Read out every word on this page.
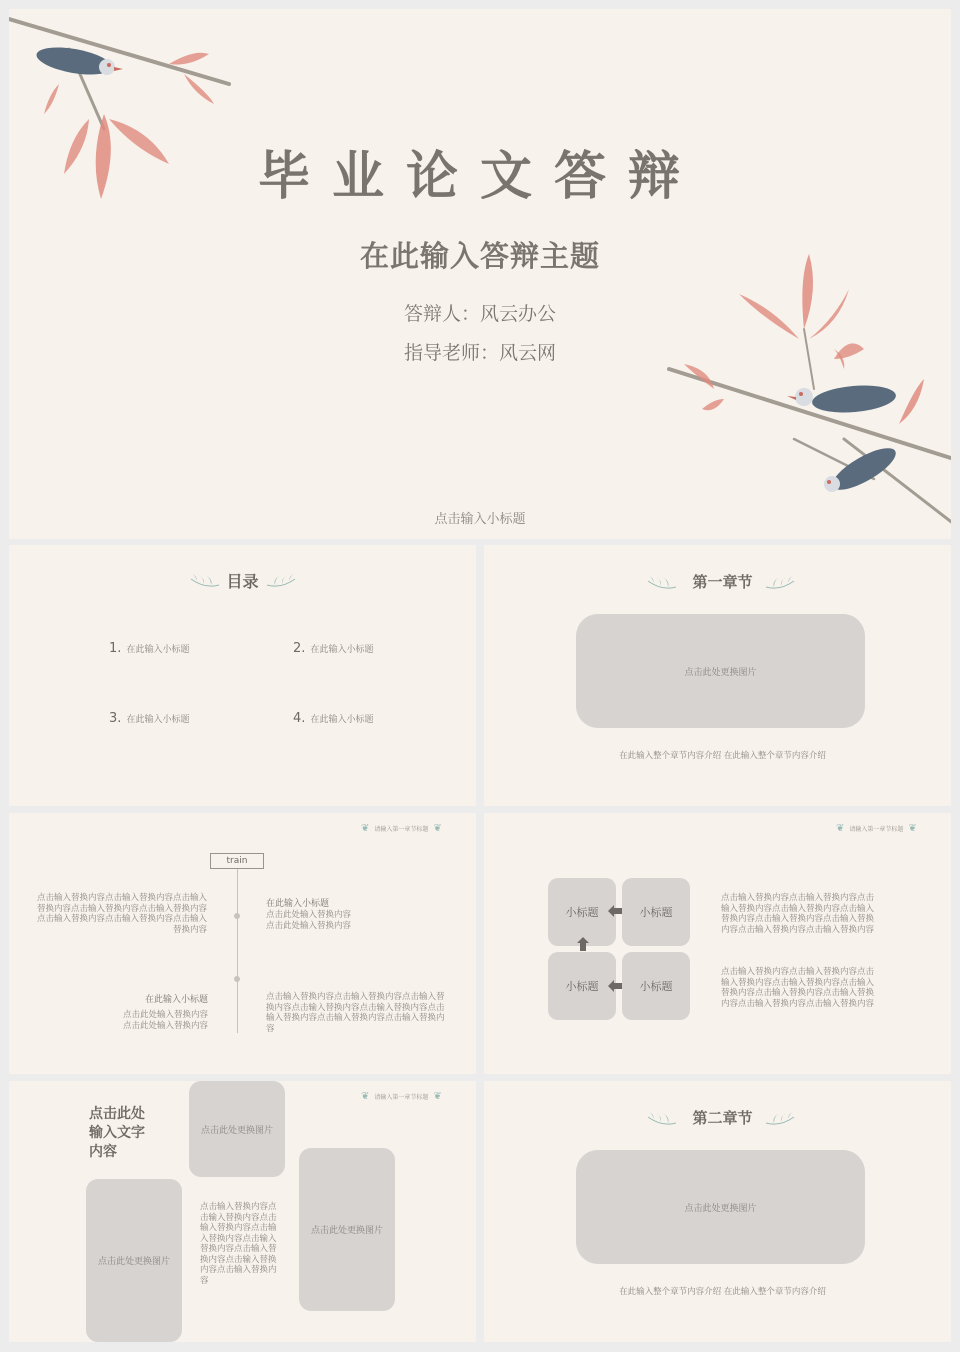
毕业论文答辩
在此输入答辩主题
答辩人：风云办公
指导老师：风云网
点击输入小标题
目录
1. 在此输入小标题	2. 在此输入小标题
3. 在此输入小标题	4. 在此输入小标题
第一章节
点击此处更换图片
在此输入整个章节内容介绍 在此输入整个章节内容介绍
❦ 请输入第一章节标题 ❦
train
点击输入替换内容点击输入替换内容点击输入替换内容点击输入替换内容点击输入替换内容点击输入替换内容点击输入替换内容点击输入替换内容
在此输入小标题
点击此处输入替换内容 点击此处输入替换内容
在此输入小标题
点击此处输入替换内容 点击此处输入替换内容
点击输入替换内容点击输入替换内容点击输入替换内容点击输入替换内容点击输入替换内容点击输入替换内容点击输入替换内容点击输入替换内容
❦ 请输入第一章节标题 ❦
小标题	小标题
小标题	小标题
点击输入替换内容点击输入替换内容点击输入替换内容点击输入替换内容点击输入替换内容点击输入替换内容点击输入替换内容点击输入替换内容点击输入替换内容
点击输入替换内容点击输入替换内容点击输入替换内容点击输入替换内容点击输入替换内容点击输入替换内容点击输入替换内容点击输入替换内容点击输入替换内容
❦ 请输入第一章节标题 ❦
点击此处
输入文字
内容
点击此处更换图片
点击此处更换图片
点击此处更换图片
点击输入替换内容点击输入替换内容点击输入替换内容点击输入替换内容点击输入替换内容点击输入替换内容点击输入替换内容点击输入替换内容
第二章节
点击此处更换图片
在此输入整个章节内容介绍 在此输入整个章节内容介绍
